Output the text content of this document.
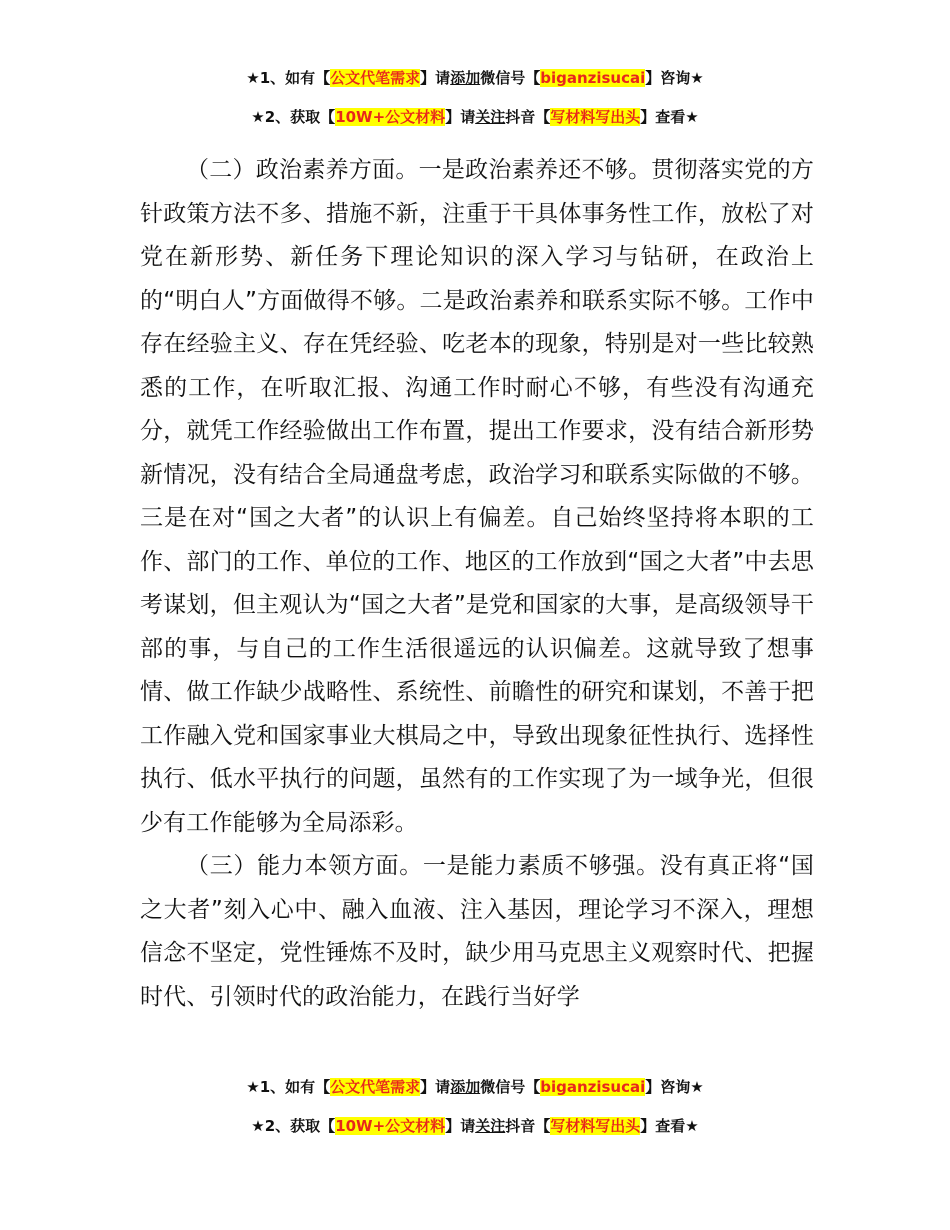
★1、如有【公文代笔需求】请添加微信号【biganzisucai】咨询★
★2、获取【10W+公文材料】请关注抖音【写材料写出头】查看★

（二）政治素养方面。一是政治素养还不够。贯彻落实党的方针政策方法不多、措施不新，注重于干具体事务性工作，放松了对党在新形势、新任务下理论知识的深入学习与钻研，在政治上的“明白人”方面做得不够。二是政治素养和联系实际不够。工作中存在经验主义、存在凭经验、吃老本的现象，特别是对一些比较熟悉的工作，在听取汇报、沟通工作时耐心不够，有些没有沟通充分，就凭工作经验做出工作布置，提出工作要求，没有结合新形势新情况，没有结合全局通盘考虑，政治学习和联系实际做的不够。三是在对“国之大者”的认识上有偏差。自己始终坚持将本职的工作、部门的工作、单位的工作、地区的工作放到“国之大者”中去思考谋划，但主观认为“国之大者”是党和国家的大事，是高级领导干部的事，与自己的工作生活很遥远的认识偏差。这就导致了想事情、做工作缺少战略性、系统性、前瞻性的研究和谋划，不善于把工作融入党和国家事业大棋局之中，导致出现象征性执行、选择性执行、低水平执行的问题，虽然有的工作实现了为一域争光，但很少有工作能够为全局添彩。

（三）能力本领方面。一是能力素质不够强。没有真正将“国之大者”刻入心中、融入血液、注入基因，理论学习不深入，理想信念不坚定，党性锤炼不及时，缺少用马克思主义观察时代、把握时代、引领时代的政治能力，在践行当好学

★1、如有【公文代笔需求】请添加微信号【biganzisucai】咨询★
★2、获取【10W+公文材料】请关注抖音【写材料写出头】查看★
